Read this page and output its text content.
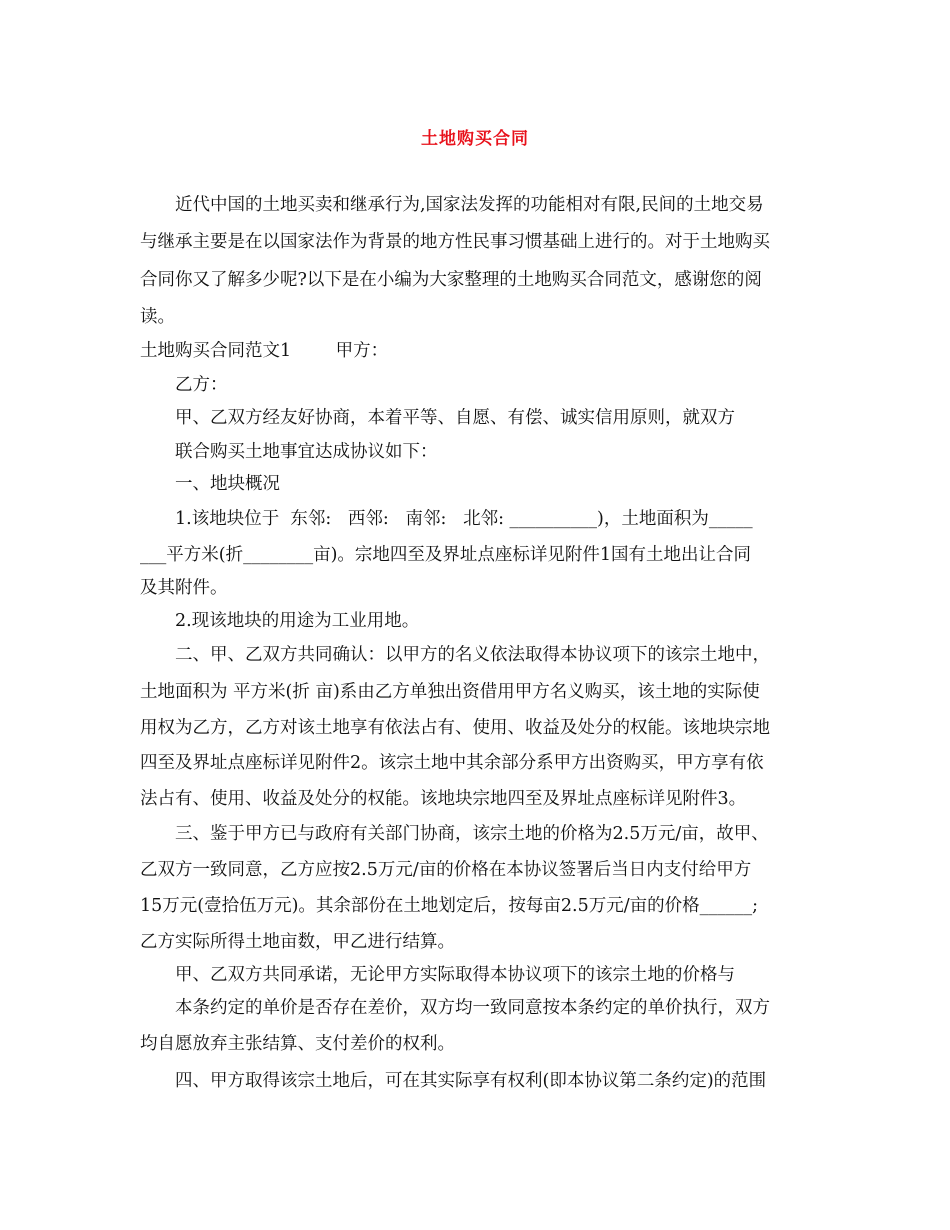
土地购买合同
近代中国的土地买卖和继承行为,国家法发挥的功能相对有限,民间的土地交易
与继承主要是在以国家法作为背景的地方性民事习惯基础上进行的。对于土地购买
合同你又了解多少呢?以下是在小编为大家整理的土地购买合同范文，感谢您的阅
读。
土地购买合同范文1        甲方：
乙方：
甲、乙双方经友好协商，本着平等、自愿、有偿、诚实信用原则，就双方
联合购买土地事宜达成协议如下：
一、地块概况
1.该地块位于  东邻:   西邻:   南邻:   北邻: __________)，土地面积为_____
___平方米(折________亩)。宗地四至及界址点座标详见附件1国有土地出让合同
及其附件。
2.现该地块的用途为工业用地。
二、甲、乙双方共同确认：以甲方的名义依法取得本协议项下的该宗土地中，
土地面积为 平方米(折 亩)系由乙方单独出资借用甲方名义购买，该土地的实际使
用权为乙方，乙方对该土地享有依法占有、使用、收益及处分的权能。该地块宗地
四至及界址点座标详见附件2。该宗土地中其余部分系甲方出资购买，甲方享有依
法占有、使用、收益及处分的权能。该地块宗地四至及界址点座标详见附件3。
三、鉴于甲方已与政府有关部门协商，该宗土地的价格为2.5万元/亩，故甲、
乙双方一致同意，乙方应按2.5万元/亩的价格在本协议签署后当日内支付给甲方
15万元(壹拾伍万元)。其余部份在土地划定后，按每亩2.5万元/亩的价格______;
乙方实际所得土地亩数，甲乙进行结算。
甲、乙双方共同承诺，无论甲方实际取得本协议项下的该宗土地的价格与
本条约定的单价是否存在差价，双方均一致同意按本条约定的单价执行，双方
均自愿放弃主张结算、支付差价的权利。
四、甲方取得该宗土地后，可在其实际享有权利(即本协议第二条约定)的范围
